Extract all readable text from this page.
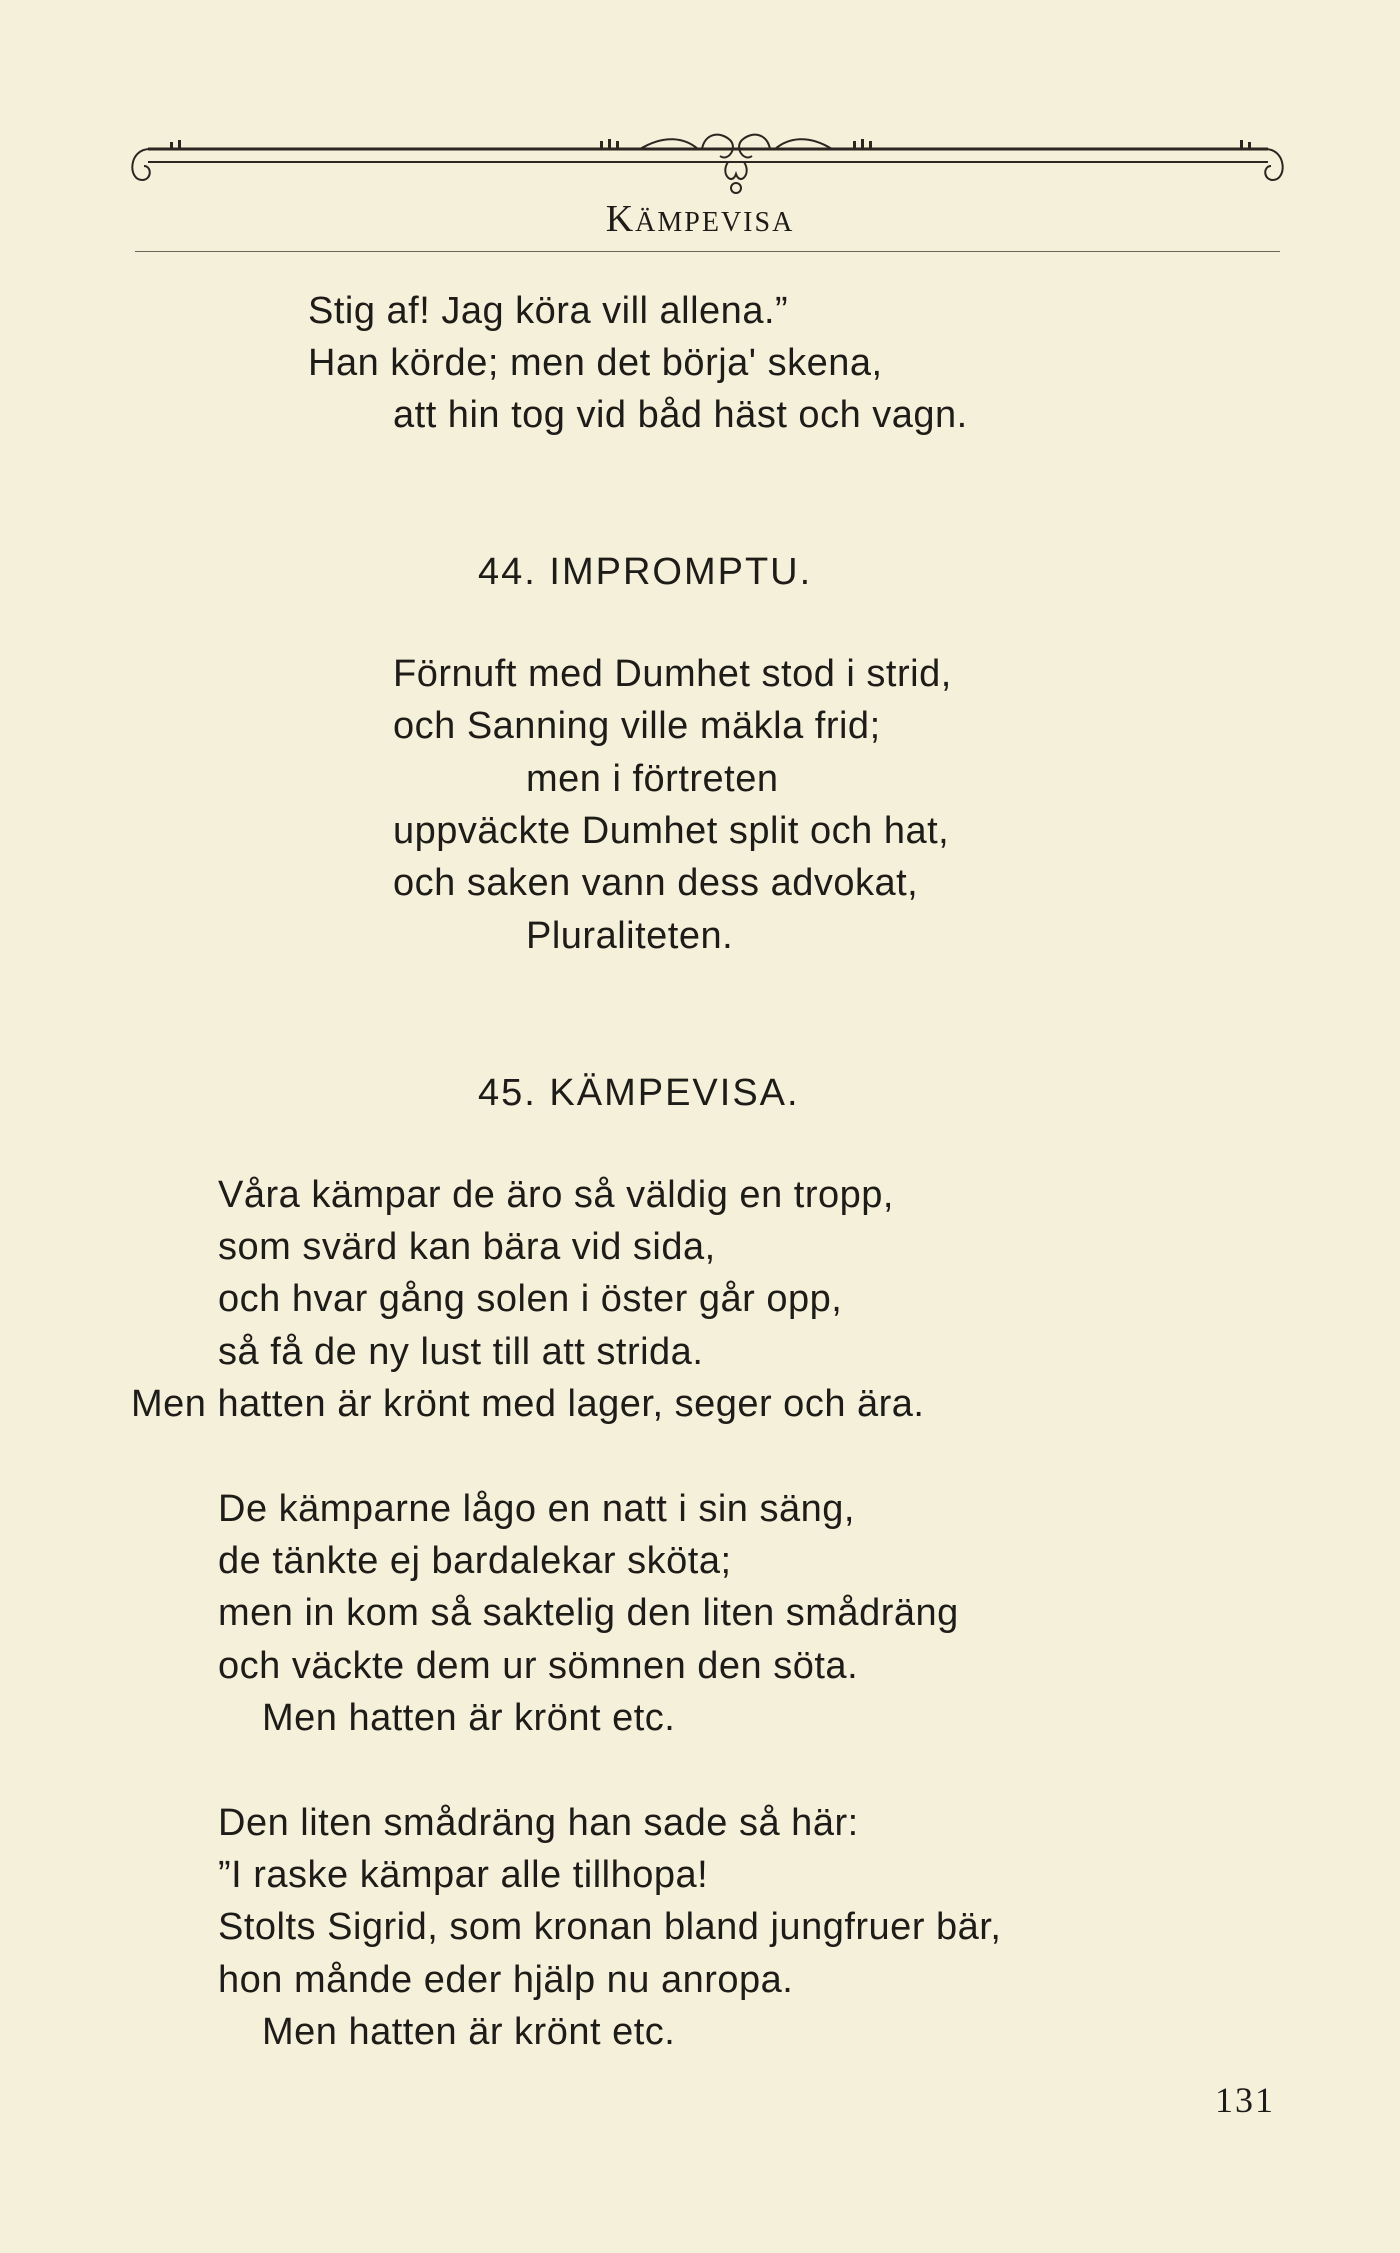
KÄMPEVISA
Stig af! Jag köra vill allena.”
Han körde; men det börja' skena,
att hin tog vid båd häst och vagn.
44. IMPROMPTU.
Förnuft med Dumhet stod i strid,
och Sanning ville mäkla frid;
men i förtreten
uppväckte Dumhet split och hat,
och saken vann dess advokat,
Pluraliteten.
45. KÄMPEVISA.
Våra kämpar de äro så väldig en tropp,
som svärd kan bära vid sida,
och hvar gång solen i öster går opp,
så få de ny lust till att strida.
Men hatten är krönt med lager, seger och ära.
De kämparne lågo en natt i sin säng,
de tänkte ej bardalekar sköta;
men in kom så saktelig den liten smådräng
och väckte dem ur sömnen den söta.
Men hatten är krönt etc.
Den liten smådräng han sade så här:
”I raske kämpar alle tillhopa!
Stolts Sigrid, som kronan bland jungfruer bär,
hon månde eder hjälp nu anropa.
Men hatten är krönt etc.
131
